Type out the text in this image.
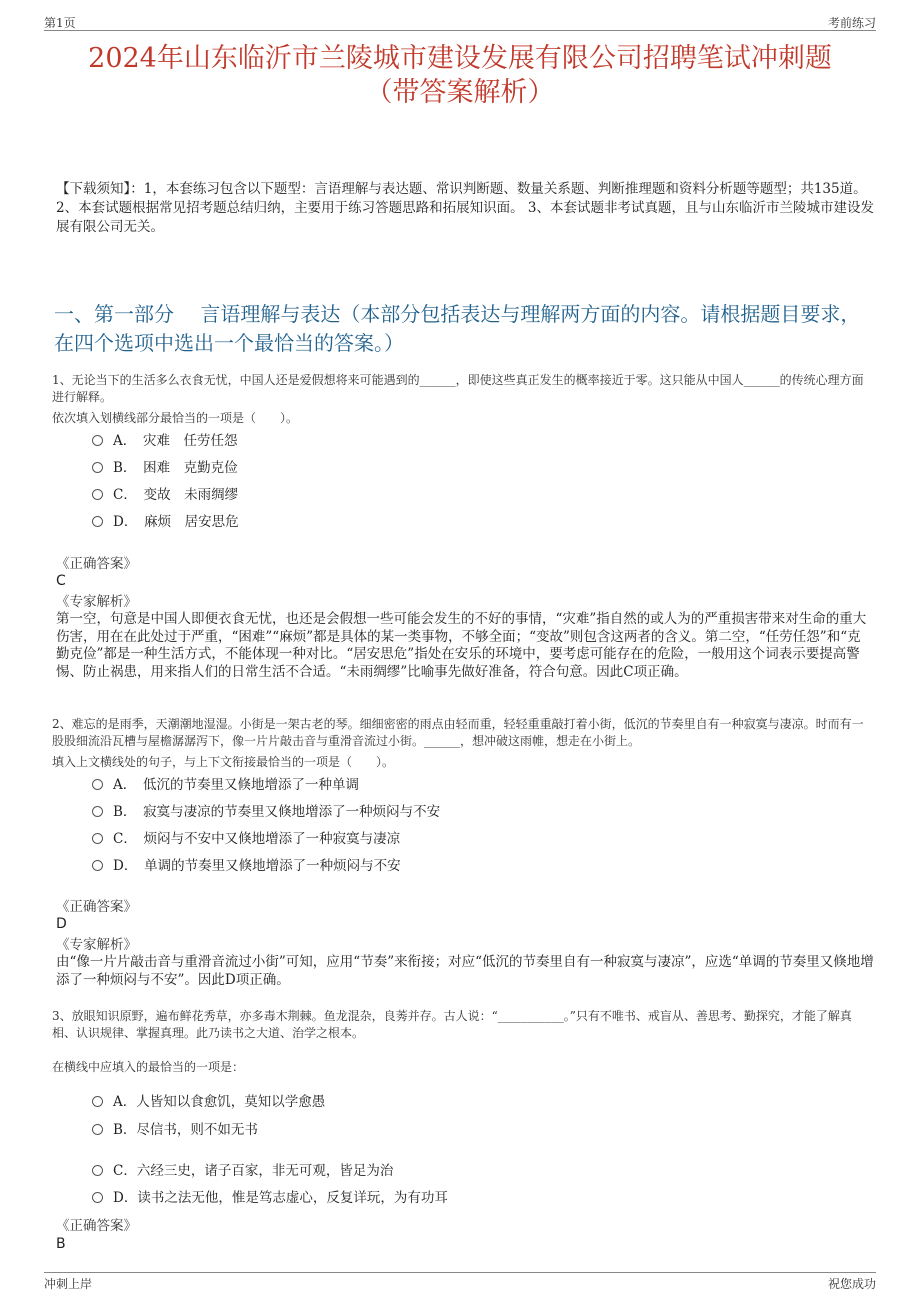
第1页	考前练习
2024年山东临沂市兰陵城市建设发展有限公司招聘笔试冲刺题
（带答案解析）
【下载须知】：1，本套练习包含以下题型：言语理解与表达题、常识判断题、数量关系题、判断推理题和资料分析题等题型；共135道。 2、本套试题根据常见招考题总结归纳，主要用于练习答题思路和拓展知识面。 3、本套试题非考试真题，且与山东临沂市兰陵城市建设发展有限公司无关。
一、第一部分　 言语理解与表达（本部分包括表达与理解两方面的内容。请根据题目要求，在四个选项中选出一个最恰当的答案。）
1、无论当下的生活多么衣食无忧，中国人还是爱假想将来可能遇到的______，即使这些真正发生的概率接近于零。这只能从中国人______的传统心理方面进行解释。
依次填入划横线部分最恰当的一项是（　　）。
A．　灾难　任劳任怨
B．　困难　克勤克俭
C．　变故　未雨绸缪
D．　麻烦　居安思危
《正确答案》
C
《专家解析》
第一空，句意是中国人即便衣食无忧，也还是会假想一些可能会发生的不好的事情，“灾难”指自然的或人为的严重损害带来对生命的重大伤害，用在在此处过于严重，“困难”“麻烦”都是具体的某一类事物，不够全面；“变故”则包含这两者的含义。第二空，“任劳任怨”和“克勤克俭”都是一种生活方式，不能体现一种对比。“居安思危”指处在安乐的环境中，要考虑可能存在的危险，一般用这个词表示要提高警惕、防止祸患，用来指人们的日常生活不合适。“未雨绸缪”比喻事先做好准备，符合句意。因此C项正确。
2、难忘的是雨季，天潮潮地湿湿。小街是一架古老的琴。细细密密的雨点由轻而重，轻轻重重敲打着小街，低沉的节奏里自有一种寂寞与凄凉。时而有一股股细流沿瓦槽与屋檐潺潺泻下，像一片片敲击音与重滑音流过小街。______，想冲破这雨帷，想走在小街上。
填入上文横线处的句子，与上下文衔接最恰当的一项是（　　）。
A．　低沉的节奏里又倏地增添了一种单调
B．　寂寞与凄凉的节奏里又倏地增添了一种烦闷与不安
C．　烦闷与不安中又倏地增添了一种寂寞与凄凉
D．　单调的节奏里又倏地增添了一种烦闷与不安
《正确答案》
D
《专家解析》
由“像一片片敲击音与重滑音流过小街”可知，应用“节奏”来衔接；对应“低沉的节奏里自有一种寂寞与凄凉”，应选“单调的节奏里又倏地增添了一种烦闷与不安”。因此D项正确。
3、放眼知识原野，遍布鲜花秀草，亦多毒木荆棘。鱼龙混杂，良莠并存。古人说：“___________。”只有不唯书、戒盲从、善思考、勤探究，才能了解真相、认识规律、掌握真理。此乃读书之大道、治学之根本。
在横线中应填入的最恰当的一项是：
A．人皆知以食愈饥，莫知以学愈愚
B．尽信书，则不如无书
C．六经三史，诸子百家，非无可观，皆足为治
D．读书之法无他，惟是笃志虚心，反复详玩，为有功耳
《正确答案》
B
冲刺上岸	祝您成功
